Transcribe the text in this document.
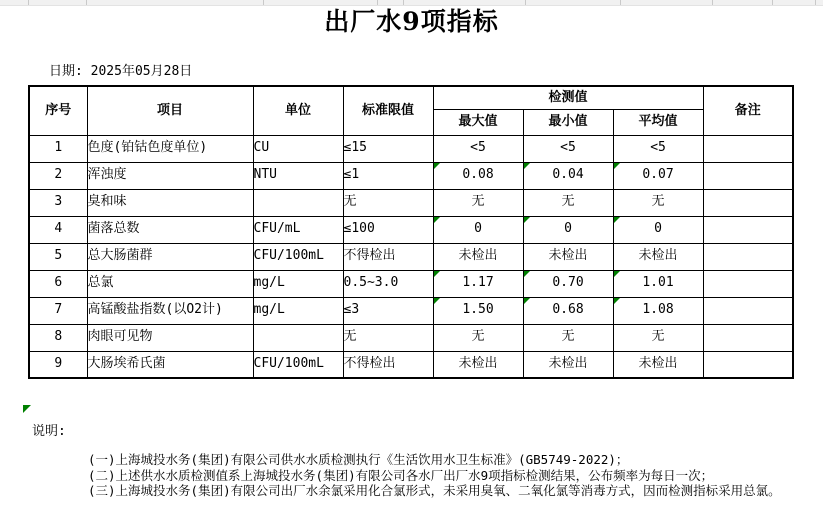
出厂水9项指标
日期: 2025年05月28日
序号	项目	单位	标准限值	检测值			备注
				最大值	最小值	平均值	
1	色度(铂钴色度单位)	CU	≤15	<5	<5	<5	
2	浑浊度	NTU	≤1	0.08	0.04	0.07	
3	臭和味		无	无	无	无	
4	菌落总数	CFU/mL	≤100	0	0	0	
5	总大肠菌群	CFU/100mL	不得检出	未检出	未检出	未检出	
6	总氯	mg/L	0.5~3.0	1.17	0.70	1.01	
7	高锰酸盐指数(以O2计)	mg/L	≤3	1.50	0.68	1.08	
8	肉眼可见物		无	无	无	无	
9	大肠埃希氏菌	CFU/100mL	不得检出	未检出	未检出	未检出	
说明:
(一)上海城投水务(集团)有限公司供水水质检测执行《生活饮用水卫生标准》(GB5749-2022)；
(二)上述供水水质检测值系上海城投水务(集团)有限公司各水厂出厂水9项指标检测结果，公布频率为每日一次；
(三)上海城投水务(集团)有限公司出厂水余氯采用化合氯形式，未采用臭氧、二氧化氯等消毒方式，因而检测指标采用总氯。
